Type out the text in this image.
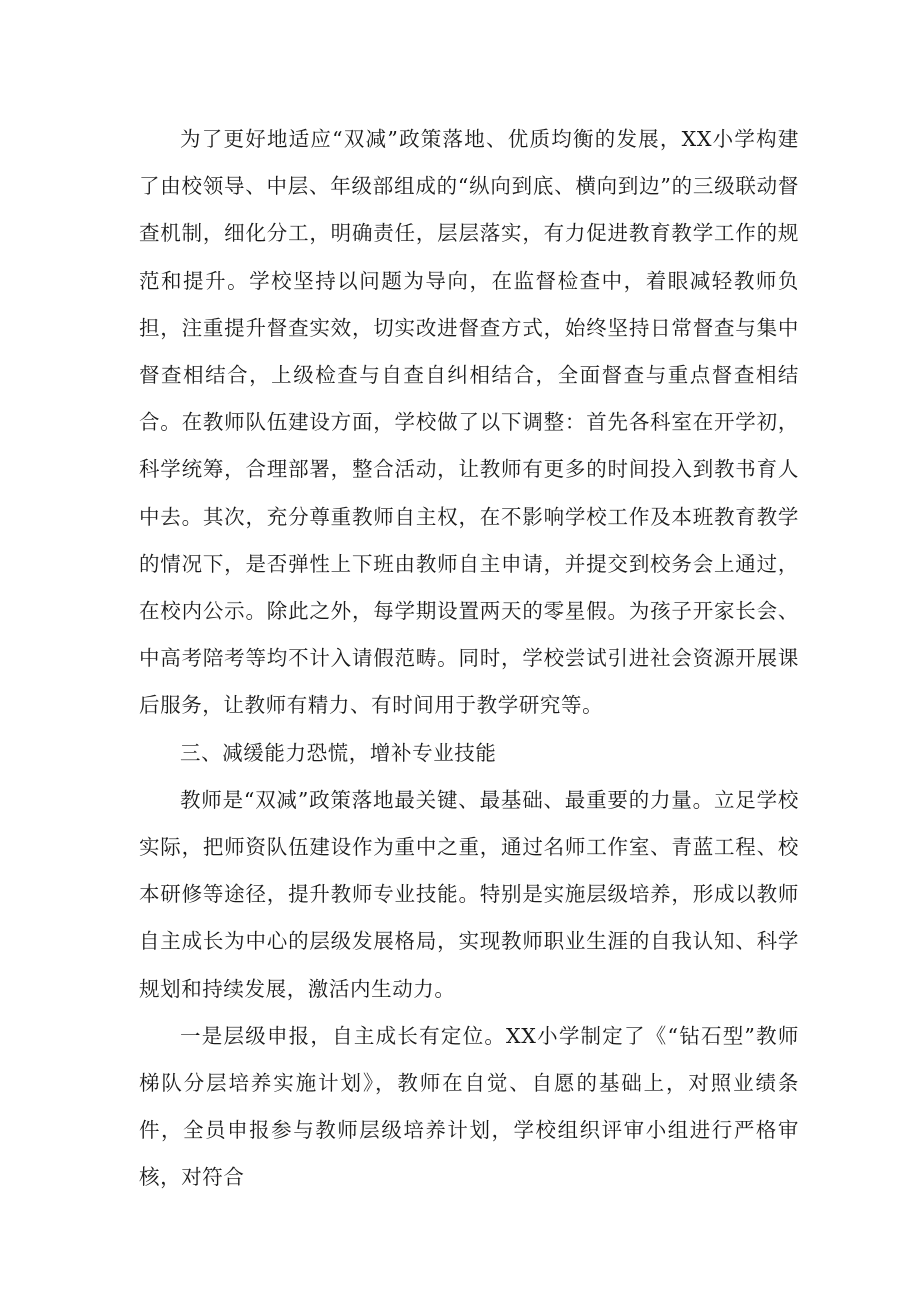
为了更好地适应“双减”政策落地、优质均衡的发展，XX小学构建了由校领导、中层、年级部组成的“纵向到底、横向到边”的三级联动督查机制，细化分工，明确责任，层层落实，有力促进教育教学工作的规范和提升。学校坚持以问题为导向，在监督检查中，着眼减轻教师负担，注重提升督查实效，切实改进督查方式，始终坚持日常督查与集中督查相结合，上级检查与自查自纠相结合，全面督查与重点督查相结合。在教师队伍建设方面，学校做了以下调整：首先各科室在开学初，科学统筹，合理部署，整合活动，让教师有更多的时间投入到教书育人中去。其次，充分尊重教师自主权，在不影响学校工作及本班教育教学的情况下，是否弹性上下班由教师自主申请，并提交到校务会上通过，在校内公示。除此之外，每学期设置两天的零星假。为孩子开家长会、中高考陪考等均不计入请假范畴。同时，学校尝试引进社会资源开展课后服务，让教师有精力、有时间用于教学研究等。

三、减缓能力恐慌，增补专业技能

教师是“双减”政策落地最关键、最基础、最重要的力量。立足学校实际，把师资队伍建设作为重中之重，通过名师工作室、青蓝工程、校本研修等途径，提升教师专业技能。特别是实施层级培养，形成以教师自主成长为中心的层级发展格局，实现教师职业生涯的自我认知、科学规划和持续发展，激活内生动力。

一是层级申报，自主成长有定位。XX小学制定了《“钻石型”教师梯队分层培养实施计划》，教师在自觉、自愿的基础上，对照业绩条件，全员申报参与教师层级培养计划，学校组织评审小组进行严格审核，对符合
